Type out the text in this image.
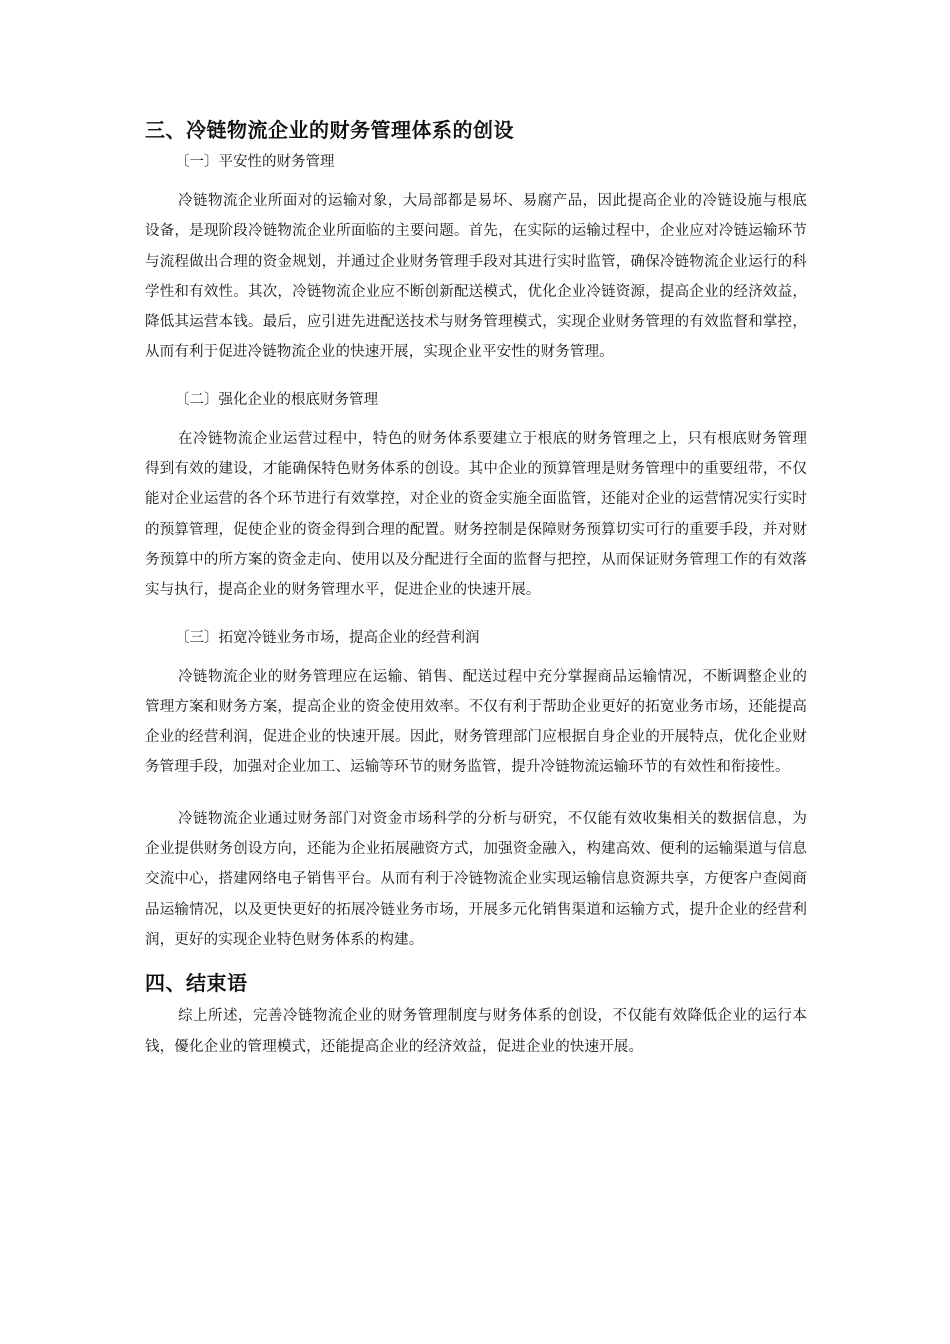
三、冷链物流企业的财务管理体系的创设

〔一〕平安性的财务管理

冷链物流企业所面对的运输对象，大局部都是易坏、易腐产品，因此提高企业的冷链设施与根底设备，是现阶段冷链物流企业所面临的主要问题。首先，在实际的运输过程中，企业应对冷链运输环节与流程做出合理的资金规划，并通过企业财务管理手段对其进行实时监管，确保冷链物流企业运行的科学性和有效性。其次，冷链物流企业应不断创新配送模式，优化企业冷链资源，提高企业的经济效益，降低其运营本钱。最后，应引进先进配送技术与财务管理模式，实现企业财务管理的有效监督和掌控，从而有利于促进冷链物流企业的快速开展，实现企业平安性的财务管理。

〔二〕强化企业的根底财务管理

在冷链物流企业运营过程中，特色的财务体系要建立于根底的财务管理之上，只有根底财务管理得到有效的建设，才能确保特色财务体系的创设。其中企业的预算管理是财务管理中的重要纽带，不仅能对企业运营的各个环节进行有效掌控，对企业的资金实施全面监管，还能对企业的运营情况实行实时的预算管理，促使企业的资金得到合理的配置。财务控制是保障财务预算切实可行的重要手段，并对财务预算中的所方案的资金走向、使用以及分配进行全面的监督与把控，从而保证财务管理工作的有效落实与执行，提高企业的财务管理水平，促进企业的快速开展。

〔三〕拓宽冷链业务市场，提高企业的经营利润

冷链物流企业的财务管理应在运输、销售、配送过程中充分掌握商品运输情况，不断调整企业的管理方案和财务方案，提高企业的资金使用效率。不仅有利于帮助企业更好的拓宽业务市场，还能提高企业的经营利润，促进企业的快速开展。因此，财务管理部门应根据自身企业的开展特点，优化企业财务管理手段，加强对企业加工、运输等环节的财务监管，提升冷链物流运输环节的有效性和衔接性。

冷链物流企业通过财务部门对资金市场科学的分析与研究，不仅能有效收集相关的数据信息，为企业提供财务创设方向，还能为企业拓展融资方式，加强资金融入，构建高效、便利的运输渠道与信息交流中心，搭建网络电子销售平台。从而有利于冷链物流企业实现运输信息资源共享，方便客户查阅商品运输情况，以及更快更好的拓展冷链业务市场，开展多元化销售渠道和运输方式，提升企业的经营利润，更好的实现企业特色财务体系的构建。

四、结束语

综上所述，完善冷链物流企业的财务管理制度与财务体系的创设，不仅能有效降低企业的运行本钱，優化企业的管理模式，还能提高企业的经济效益，促进企业的快速开展。
